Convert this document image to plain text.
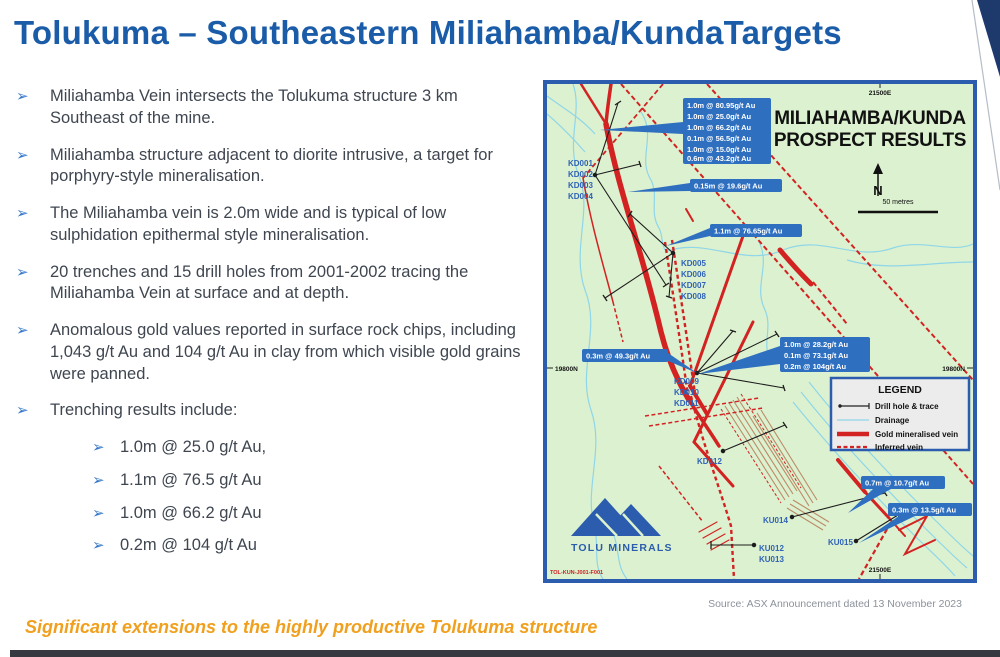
Tolukuma – Southeastern Miliahamba/KundaTargets
➢	Miliahamba Vein intersects the Tolukuma structure 3 km Southeast of the mine.
➢	Miliahamba structure adjacent to diorite intrusive, a target for porphyry-style mineralisation.
➢	The Miliahamba vein is 2.0m wide and is typical of low sulphidation epithermal style mineralisation.
➢	20 trenches and 15 drill holes from 2001-2002 tracing the Miliahamba Vein at surface and at depth.
➢	Anomalous gold values reported in surface rock chips, including 1,043 g/t Au and 104 g/t Au in clay from which visible gold grains were panned.
➢	Trenching results include:
➢ 1.0m @ 25.0 g/t Au,
➢ 1.1m @ 76.5 g/t Au
➢ 1.0m @ 66.2 g/t Au
➢ 0.2m @ 104 g/t Au
1.0m @ 80.95g/t Au
1.0m @ 25.0g/t Au
1.0m @ 66.2g/t Au
0.1m @ 56.5g/t Au
1.0m @ 15.0g/t Au
0.6m @ 43.2g/t Au
0.15m @ 19.6g/t Au
1.1m @ 76.65g/t Au
0.3m @ 49.3g/t Au
1.0m @ 28.2g/t Au
0.1m @ 73.1g/t Au
0.2m @ 104g/t Au
0.7m @ 10.7g/t Au
0.3m @ 13.5g/t Au
KD001
KD002
KD003
KD004
KD005
KD006
KD007
KD008
KD009
KD010
KD011
KD012
KU014
KU012
KU013
KU015
MILIAHAMBA/KUNDA
PROSPECT RESULTS
N
50 metres
21500E
21500E
19800N	19800N
LEGEND
Drill hole & trace
Drainage
Gold mineralised vein
Inferred vein
TOLU MINERALS
TOL-KUN-J001-F001
Source: ASX Announcement dated 13 November 2023
Significant extensions to the highly productive Tolukuma structure
